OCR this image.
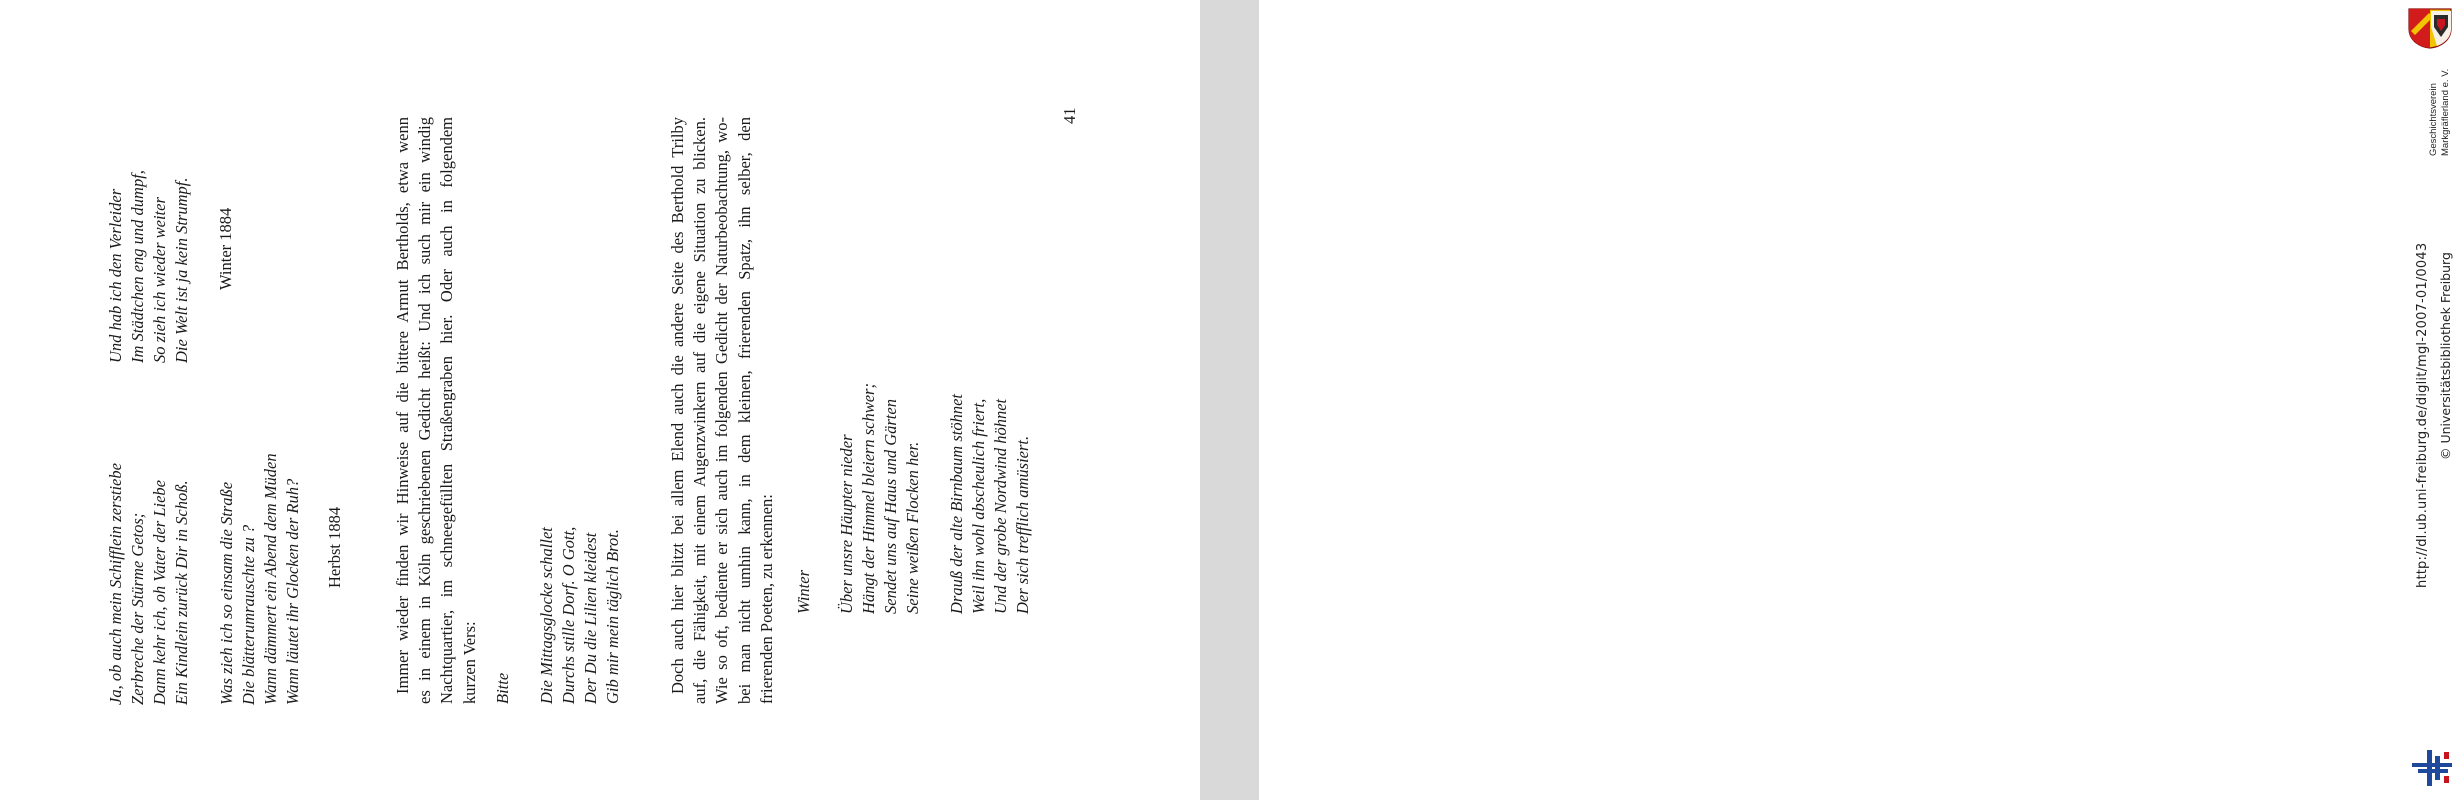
Ja, ob auch mein Schifflein zerstiebe Zerbreche der Stürme Getos; Dann kehr ich, oh Vater der Liebe Ein Kindlein zurück Dir in Schoß.
Und hab ich den Verleider Im Städtchen eng und dumpf, So zieh ich wieder weiter Die Welt ist ja kein Strumpf. Winter 1884
Was zieh ich so einsam die Straße Die blätterumrauschte zu ? Wann dämmert ein Abend dem Müden Wann läutet ihr Glocken der Ruh? Herbst 1884	Immer wieder finden wir Hinweise auf die bittere Armut Bertholds, etwa wenn es in einem in Köln geschriebenen Gedicht heißt: Und ich such mir ein windig Nachtquartier, im schneegefüllten Straßengraben hier. Oder auch in folgendem kurzen Vers: Bitte Die Mittagsglocke schallet Durchs stille Dorf. O Gott, Der Du die Lilien kleidest Gib mir mein täglich Brot.	Doch auch hier blitzt bei allem Elend auch die andere Seite des Berthold Trilby auf, die Fähigkeit, mit einem Augenzwinkern auf die eigene Situation zu blicken. Wie so oft, bediente er sich auch im folgenden Gedicht der Naturbeobachtung, wo- bei man nicht umhin kann, in dem kleinen, frierenden Spatz, ihn selber, den frierenden Poeten, zu erkennen: Winter Über unsre Häupter nieder Hängt der Himmel bleiern schwer; Sendet uns auf Haus und Gärten Seine weißen Flocken her. Drauß der alte Birnbaum stöhnet Weil ihn wohl abscheulich friert, Und der grobe Nordwind höhnet Der sich trefflich amüsiert.
41	Geschichtsverein Markgräflerland e. V.
http://dl.ub.uni-freiburg.de/diglit/mgl-2007-01/0043 © Universitätsbibliothek Freiburg
